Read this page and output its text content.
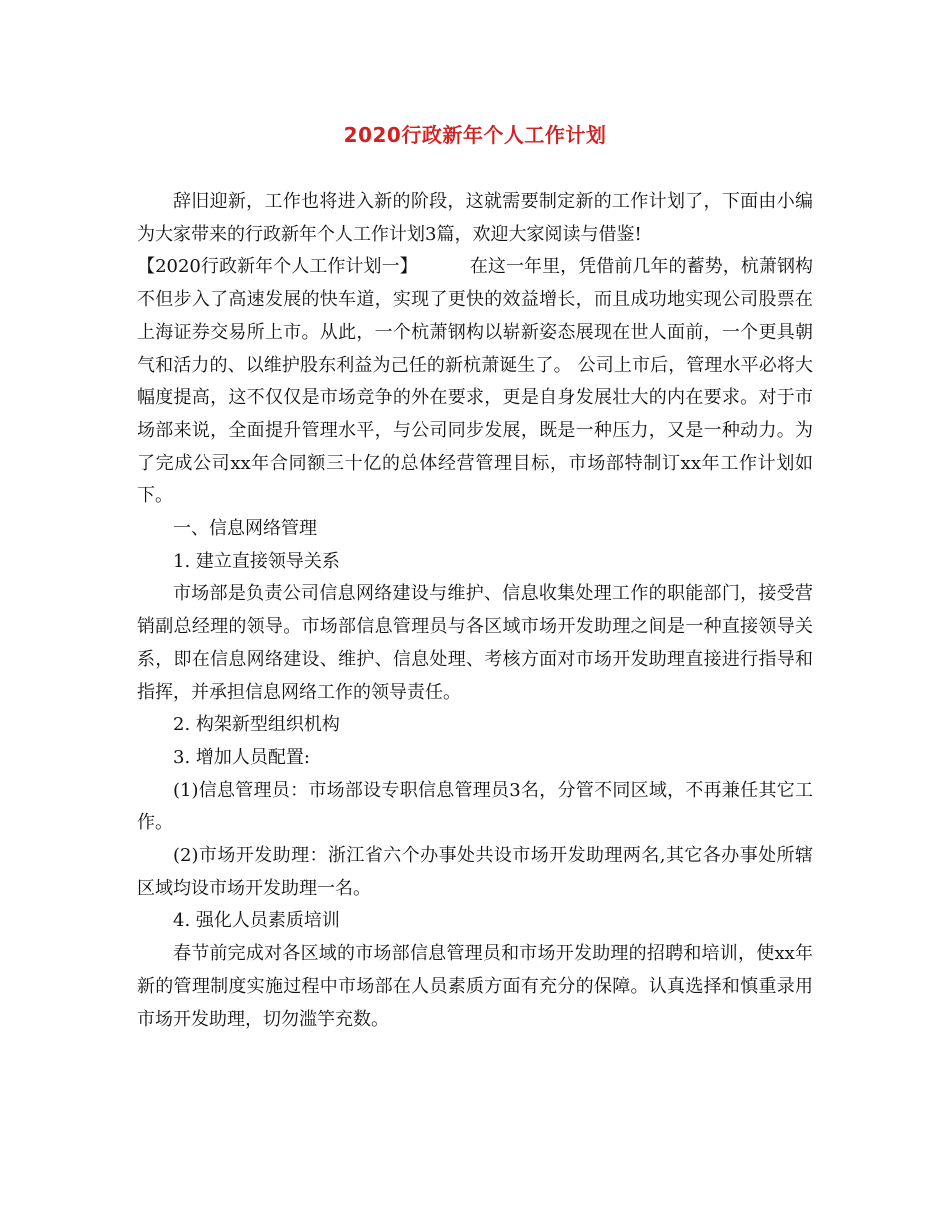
2020行政新年个人工作计划

辞旧迎新，工作也将进入新的阶段，这就需要制定新的工作计划了，下面由小编为大家带来的行政新年个人工作计划3篇，欢迎大家阅读与借鉴!

【2020行政新年个人工作计划一】	在这一年里，凭借前几年的蓄势，杭萧钢构不但步入了高速发展的快车道，实现了更快的效益增长，而且成功地实现公司股票在上海证券交易所上市。从此，一个杭萧钢构以崭新姿态展现在世人面前，一个更具朝气和活力的、以维护股东利益为己任的新杭萧诞生了。 公司上市后，管理水平必将大幅度提高，这不仅仅是市场竞争的外在要求，更是自身发展壮大的内在要求。对于市场部来说，全面提升管理水平，与公司同步发展，既是一种压力，又是一种动力。为了完成公司xx年合同额三十亿的总体经营管理目标，市场部特制订xx年工作计划如下。

一、信息网络管理

1. 建立直接领导关系

市场部是负责公司信息网络建设与维护、信息收集处理工作的职能部门，接受营销副总经理的领导。市场部信息管理员与各区域市场开发助理之间是一种直接领导关系，即在信息网络建设、维护、信息处理、考核方面对市场开发助理直接进行指导和指挥，并承担信息网络工作的领导责任。

2. 构架新型组织机构

3. 增加人员配置:

(1)信息管理员：市场部设专职信息管理员3名，分管不同区域，不再兼任其它工作。

(2)市场开发助理：浙江省六个办事处共设市场开发助理两名,其它各办事处所辖区域均设市场开发助理一名。

4. 强化人员素质培训

春节前完成对各区域的市场部信息管理员和市场开发助理的招聘和培训，使xx年新的管理制度实施过程中市场部在人员素质方面有充分的保障。认真选择和慎重录用市场开发助理，切勿滥竽充数。
